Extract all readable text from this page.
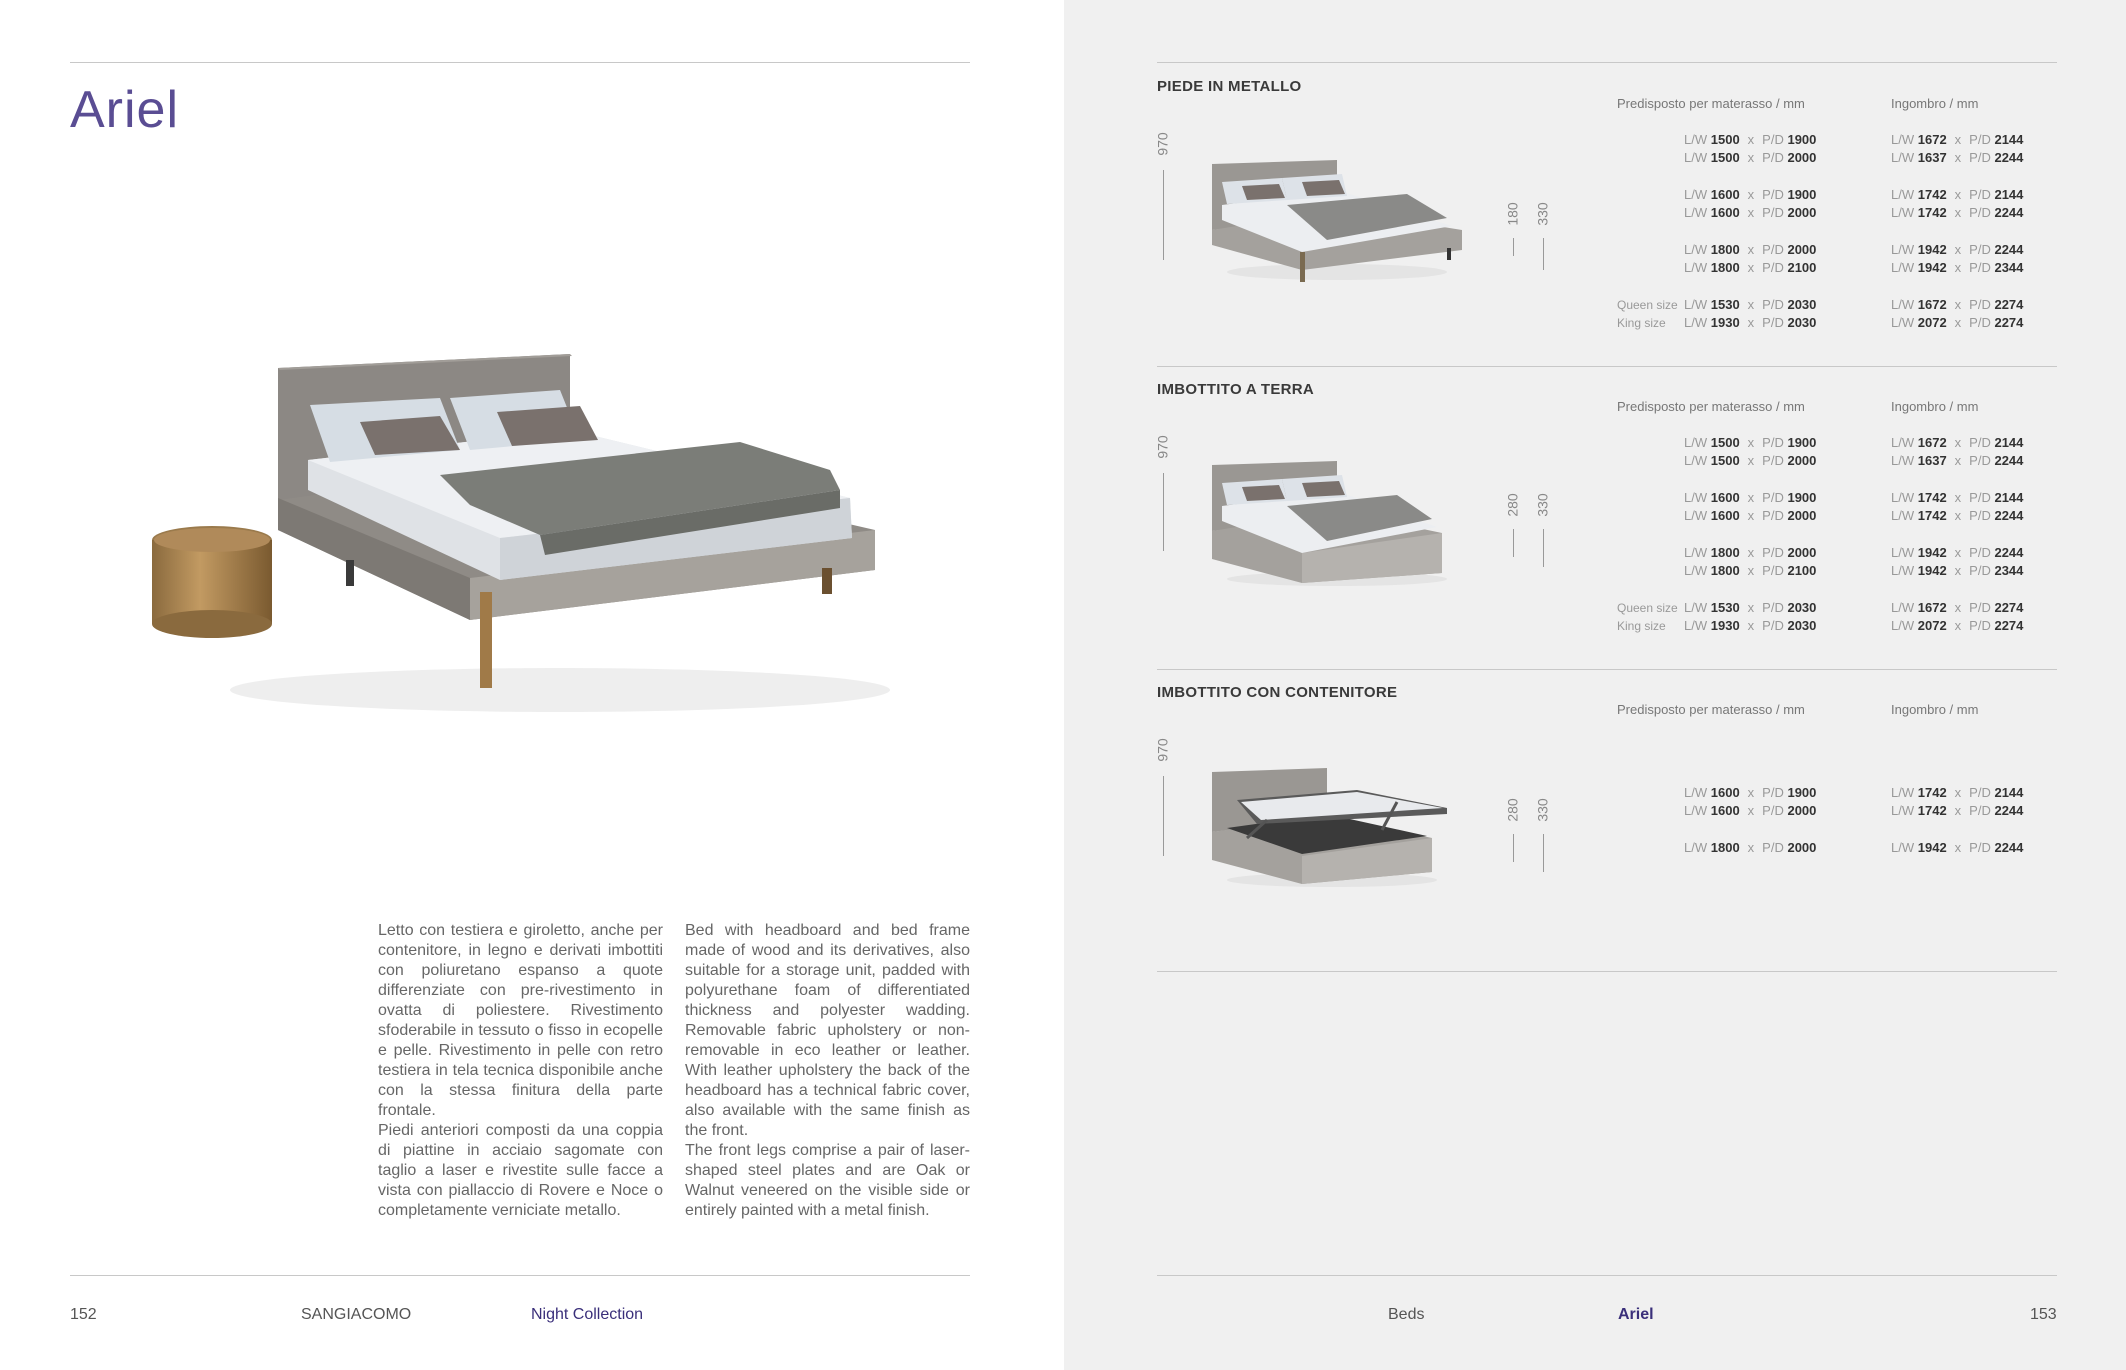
Ariel

Letto con testiera e giroletto, anche per contenitore, in legno e derivati imbottiti con poliuretano espanso a quote differenziate con pre-rivestimento in ovatta di poliestere. Rivestimento sfoderabile in tessuto o fisso in ecopelle e pelle. Rivestimento in pelle con retro testiera in tela tecnica disponibile anche con la stessa finitura della parte frontale.

Piedi anteriori composti da una coppia di piattine in acciaio sagomate con taglio a laser e rivestite sulle facce a vista con piallaccio di Rovere e Noce o completamente verniciate metallo.

Bed with headboard and bed frame made of wood and its derivatives, also suitable for a storage unit, padded with polyurethane foam of differentiated thickness and polyester wadding. Removable fabric upholstery or non-removable in eco leather or leather. With leather upholstery the back of the headboard has a technical fabric cover, also available with the same finish as the front.

The front legs comprise a pair of laser-shaped steel plates and are Oak or Walnut veneered on the visible side or entirely painted with a metal finish.

152	SANGIACOMO	Night Collection
PIEDE IN METALLO
Predisposto per materasso / mm	Ingombro / mm
970
180 330
L/W 1500 x P/D 1900	L/W 1672 x P/D 2144
L/W 1500 x P/D 2000	L/W 1637 x P/D 2244
L/W 1600 x P/D 1900	L/W 1742 x P/D 2144
L/W 1600 x P/D 2000	L/W 1742 x P/D 2244
L/W 1800 x P/D 2000	L/W 1942 x P/D 2244
L/W 1800 x P/D 2100	L/W 1942 x P/D 2344
Queen size L/W 1530 x P/D 2030	L/W 1672 x P/D 2274
King size L/W 1930 x P/D 2030	L/W 2072 x P/D 2274
IMBOTTITO A TERRA
Predisposto per materasso / mm	Ingombro / mm
970
280 330
L/W 1500 x P/D 1900	L/W 1672 x P/D 2144
L/W 1500 x P/D 2000	L/W 1637 x P/D 2244
L/W 1600 x P/D 1900	L/W 1742 x P/D 2144
L/W 1600 x P/D 2000	L/W 1742 x P/D 2244
L/W 1800 x P/D 2000	L/W 1942 x P/D 2244
L/W 1800 x P/D 2100	L/W 1942 x P/D 2344
Queen size L/W 1530 x P/D 2030	L/W 1672 x P/D 2274
King size L/W 1930 x P/D 2030	L/W 2072 x P/D 2274
IMBOTTITO CON CONTENITORE
Predisposto per materasso / mm	Ingombro / mm
970
280 330
L/W 1600 x P/D 1900	L/W 1742 x P/D 2144
L/W 1600 x P/D 2000	L/W 1742 x P/D 2244
L/W 1800 x P/D 2000	L/W 1942 x P/D 2244
Beds	Ariel	153
